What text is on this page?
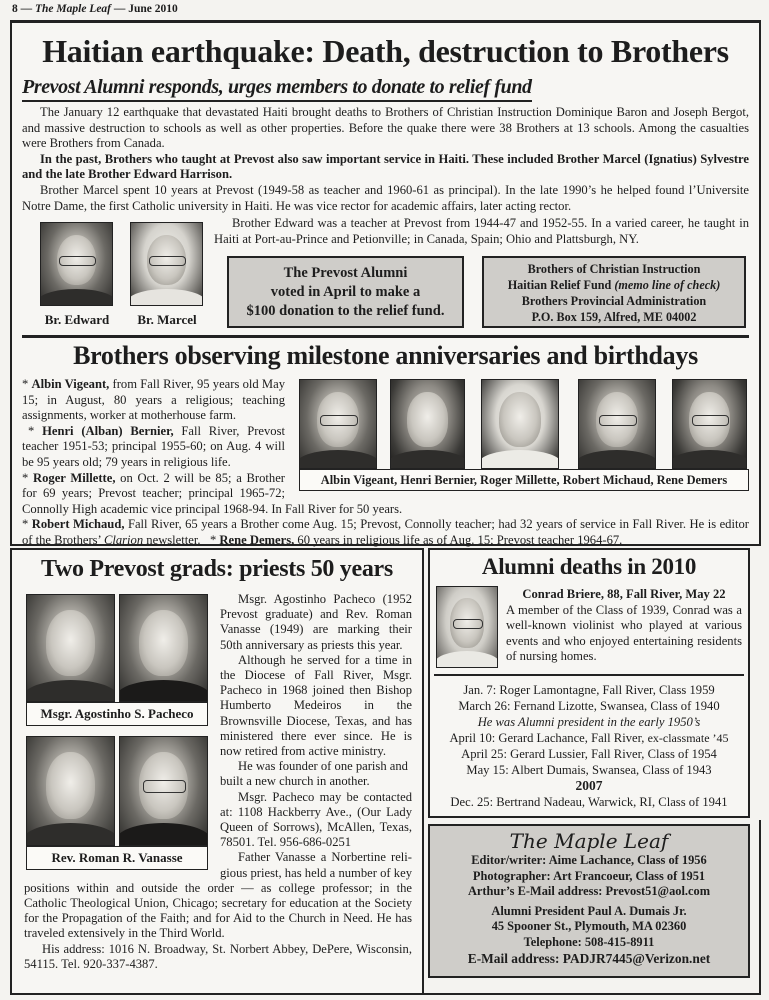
8 — The Maple Leaf — June 2010
Haitian earthquake: Death, destruction to Brothers
Prevost Alumni responds, urges members to donate to relief fund

The January 12 earthquake that devastated Haiti brought deaths to Brothers of Christian Instruction Dominique Baron and Joseph Bergot, and massive destruction to schools as well as other properties. Before the quake there were 38 Brothers at 13 schools. Among the casualties were Brothers from Canada.

In the past, Brothers who taught at Prevost also saw important service in Haiti. These included Brother Marcel (Ignatius) Sylvestre and the late Brother Edward Harrison.

Brother Marcel spent 10 years at Prevost (1949-58 as teacher and 1960-61 as principal). In the late 1990’s he helped found l’Universite Notre Dame, the first Catholic university in Haiti. He was vice rector for academic affairs, later acting rector.

Br. Edward	Br. Marcel

Brother Edward was a teacher at Prevost from 1944-47 and 1952-55. In a varied career, he taught in Haiti at Port-au-Prince and Petionville; in Canada, Spain; Ohio and Plattsburgh, NY.

The Prevost Alumni
voted in April to make a
$100 donation to the relief fund.
Brothers of Christian Instruction
Haitian Relief Fund (memo line of check)
Brothers Provincial Administration
P.O. Box 159, Alfred, ME 04002
Brothers observing milestone anniversaries and birthdays
Albin Vigeant, Henri Bernier, Roger Millette, Robert Michaud, Rene Demers

* Albin Vigeant, from Fall River, 95 years old May 15; in August, 80 years a religious; teaching assignments, worker at motherhouse farm.

* Henri (Alban) Bernier, Fall River, Prevost teacher 1951-53; principal 1955-60; on Aug. 4 will be 95 years old; 79 years in religious life.

* Roger Millette, on Oct. 2 will be 85; a Brother for 69 years; Prevost teacher; principal 1965-72; Connolly High academic vice principal 1968-94. In Fall River for 50 years.

* Robert Michaud, Fall River, 65 years a Brother come Aug. 15; Prevost, Connolly teacher; had 32 years of service in Fall River. He is editor of the Brothers’ Clarion newsletter. * Rene Demers, 60 years in religious life as of Aug. 15; Prevost teacher 1964-67.

Two Prevost grads: priests 50 years
Msgr. Agostinho S. Pacheco
Rev. Roman R. Vanasse

Msgr. Agostinho Pacheco (1952 Prevost graduate) and Rev. Roman Vanasse (1949) are marking their 50th anniversary as priests this year.

Although he served for a time in the Diocese of Fall River, Msgr. Pacheco in 1968 joined then Bishop Humberto Medeiros in the Brownsville Diocese, Texas, and has ministered there ever since. He is now retired from active ministry.

He was founder of one parish and built a new church in another.

Msgr. Pacheco may be contacted at: 1108 Hackberry Ave., (Our Lady Queen of Sorrows), McAllen, Texas, 78501. Tel. 956-686-0251

Father Vanasse a Norbertine reli- gious priest, has held a number of key positions within and outside the order — as college professor; in the Catholic Theological Union, Chicago; secretary for education at the Society for the Propagation of the Faith; and for Aid to the Church in Need. He has traveled extensively in the Third World.

His address: 1016 N. Broadway, St. Norbert Abbey, DePere, Wisconsin, 54115. Tel. 920-337-4387.

Alumni deaths in 2010
Conrad Briere, 88, Fall River, May 22
A member of the Class of 1939, Conrad was a well-known violinist who played at various events and who enjoyed entertaining residents of nursing homes.
Jan. 7: Roger Lamontagne, Fall River, Class 1959
March 26: Fernand Lizotte, Swansea, Class of 1940
He was Alumni president in the early 1950’s
April 10: Gerard Lachance, Fall River, ex-classmate ’45
April 25: Gerard Lussier, Fall River, Class of 1954
May 15: Albert Dumais, Swansea, Class of 1943
2007
Dec. 25: Bertrand Nadeau, Warwick, RI, Class of 1941
The Maple Leaf
Editor/writer: Aime Lachance, Class of 1956
Photographer: Art Francoeur, Class of 1951
Arthur’s E-Mail address: Prevost51@aol.com
Alumni President Paul A. Dumais Jr.
45 Spooner St., Plymouth, MA 02360
Telephone: 508-415-8911
E-Mail address: PADJR7445@Verizon.net
